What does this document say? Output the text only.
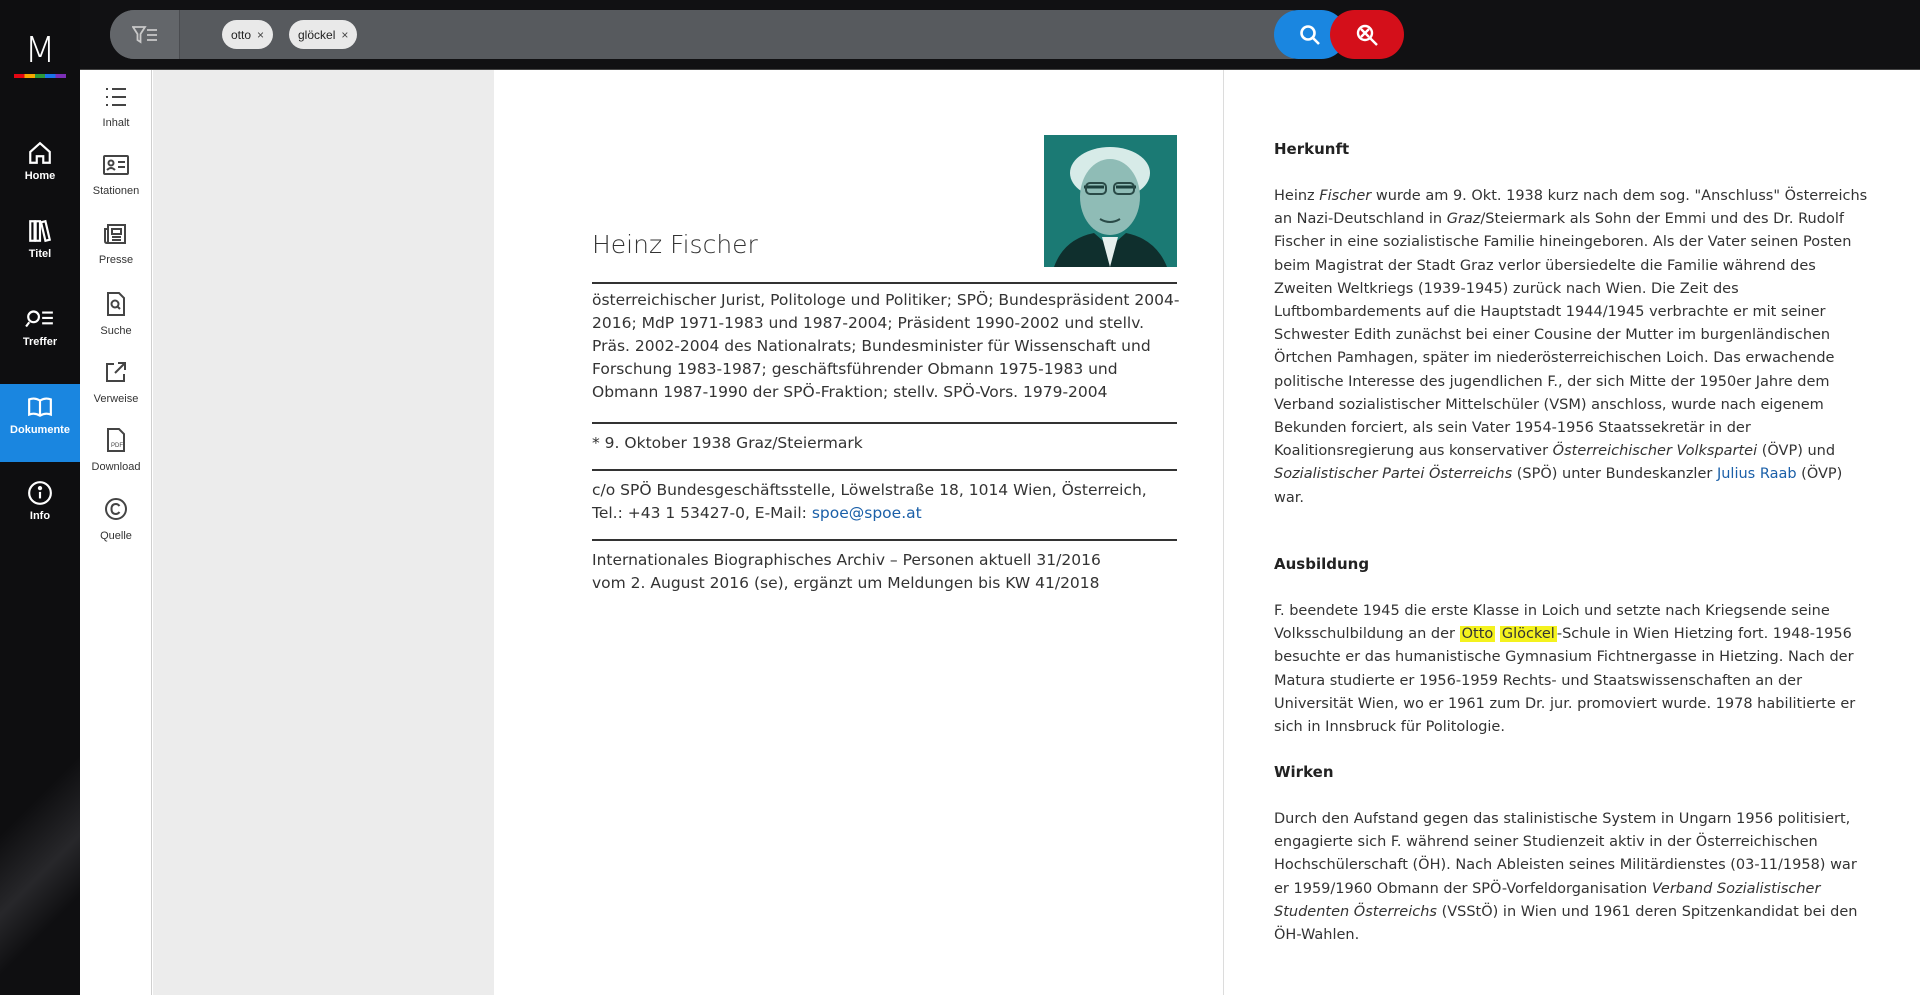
M
Home
Titel
Treffer
Dokumente
Info
otto ×	glöckel ×
Inhalt
Stationen
Presse
Suche
Verweise
PDF
Download
Quelle
Heinz Fischer
österreichischer Jurist, Politologe und Politiker; SPÖ; Bundespräsident 2004-2016; MdP 1971-1983 und 1987-2004; Präsident 1990-2002 und stellv. Präs. 2002-2004 des Nationalrats; Bundesminister für Wissenschaft und Forschung 1983-1987; geschäftsführender Obmann 1975-1983 und Obmann 1987-1990 der SPÖ-Fraktion; stellv. SPÖ-Vors. 1979-2004
* 9. Oktober 1938 Graz/Steiermark
c/o SPÖ Bundesgeschäftsstelle, Löwelstraße 18, 1014 Wien, Österreich, Tel.: +43 1 53427-0, E-Mail: spoe@spoe.at
Internationales Biographisches Archiv – Personen aktuell 31/2016
vom 2. August 2016 (se), ergänzt um Meldungen bis KW 41/2018
Herkunft
Heinz Fischer wurde am 9. Okt. 1938 kurz nach dem sog. "Anschluss" Österreichs an Nazi-Deutschland in Graz/Steiermark als Sohn der Emmi und des Dr. Rudolf Fischer in eine sozialistische Familie hineingeboren. Als der Vater seinen Posten beim Magistrat der Stadt Graz verlor übersiedelte die Familie während des Zweiten Weltkriegs (1939-1945) zurück nach Wien. Die Zeit des Luftbombardements auf die Hauptstadt 1944/1945 verbrachte er mit seiner Schwester Edith zunächst bei einer Cousine der Mutter im burgenländischen Örtchen Pamhagen, später im niederösterreichischen Loich. Das erwachende politische Interesse des jugendlichen F., der sich Mitte der 1950er Jahre dem Verband sozialistischer Mittelschüler (VSM) anschloss, wurde nach eigenem Bekunden forciert, als sein Vater 1954-1956 Staatssekretär in der Koalitionsregierung aus konservativer Österreichischer Volkspartei (ÖVP) und Sozialistischer Partei Österreichs (SPÖ) unter Bundeskanzler Julius Raab (ÖVP) war.
Ausbildung
F. beendete 1945 die erste Klasse in Loich und setzte nach Kriegsende seine Volksschulbildung an der Otto Glöckel -Schule in Wien Hietzing fort. 1948-1956 besuchte er das humanistische Gymnasium Fichtnergasse in Hietzing. Nach der Matura studierte er 1956-1959 Rechts- und Staatswissenschaften an der Universität Wien, wo er 1961 zum Dr. jur. promoviert wurde. 1978 habilitierte er sich in Innsbruck für Politologie.
Wirken
Durch den Aufstand gegen das stalinistische System in Ungarn 1956 politisiert, engagierte sich F. während seiner Studienzeit aktiv in der Österreichischen Hochschülerschaft (ÖH). Nach Ableisten seines Militärdienstes (03-11/1958) war er 1959/1960 Obmann der SPÖ-Vorfeldorganisation Verband Sozialistischer Studenten Österreichs (VSStÖ) in Wien und 1961 deren Spitzenkandidat bei den ÖH-Wahlen.
